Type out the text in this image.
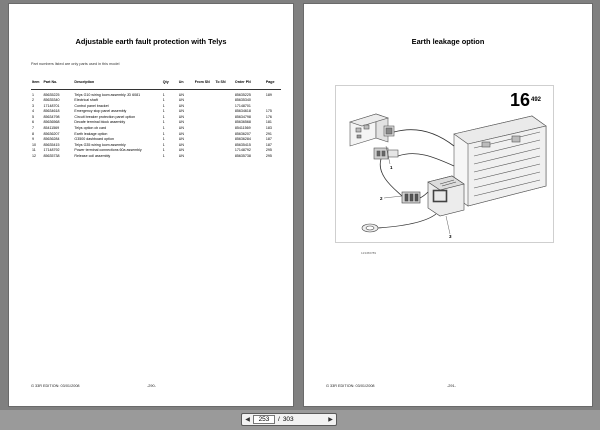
Adjustable earth fault protection with Telys
Part numbers listed are only parts used in this model
Item	Part No.	Description	Qty	Un	From SN	To SN	Order PN	Page
1	85635225	Telys G10 wiring loom assembly JD 6081	1	UN			85635225	189
2	85635340	Electrical shaft	1	UN			85635340	
3	17148701	Control panel bracket	1	UN			17148701	
4	85634618	Emergency stop panel assembly	1	UN			85634618	175
5	85634798	Circuit breaker protection panel option	1	UN			85634798	176
6	85636568	Decafe terminal block assembly	1	UN			85636568	181
7	85411569	Telys option cb card	1	UN			85411569	183
8	85636207	Earth leakage option	1	UN			85636207	291
9	85636284	G3500 dashboard option	1	UN			85636284	187
10	85635415	Telys G35 wiring loom assembly	1	UN			85635415	187
11	17148792	Power terminal connections 60a assembly	1	UN			17148792	295
12	85635738	Release coil assembly	1	UN			85635738	295
G 33R EDITION: 03/01/2008	-290-
Earth leakage option
16492
123456789
1
2
3
G 33R EDITION: 03/01/2008	-291-
◀	253	/ 303	▶
